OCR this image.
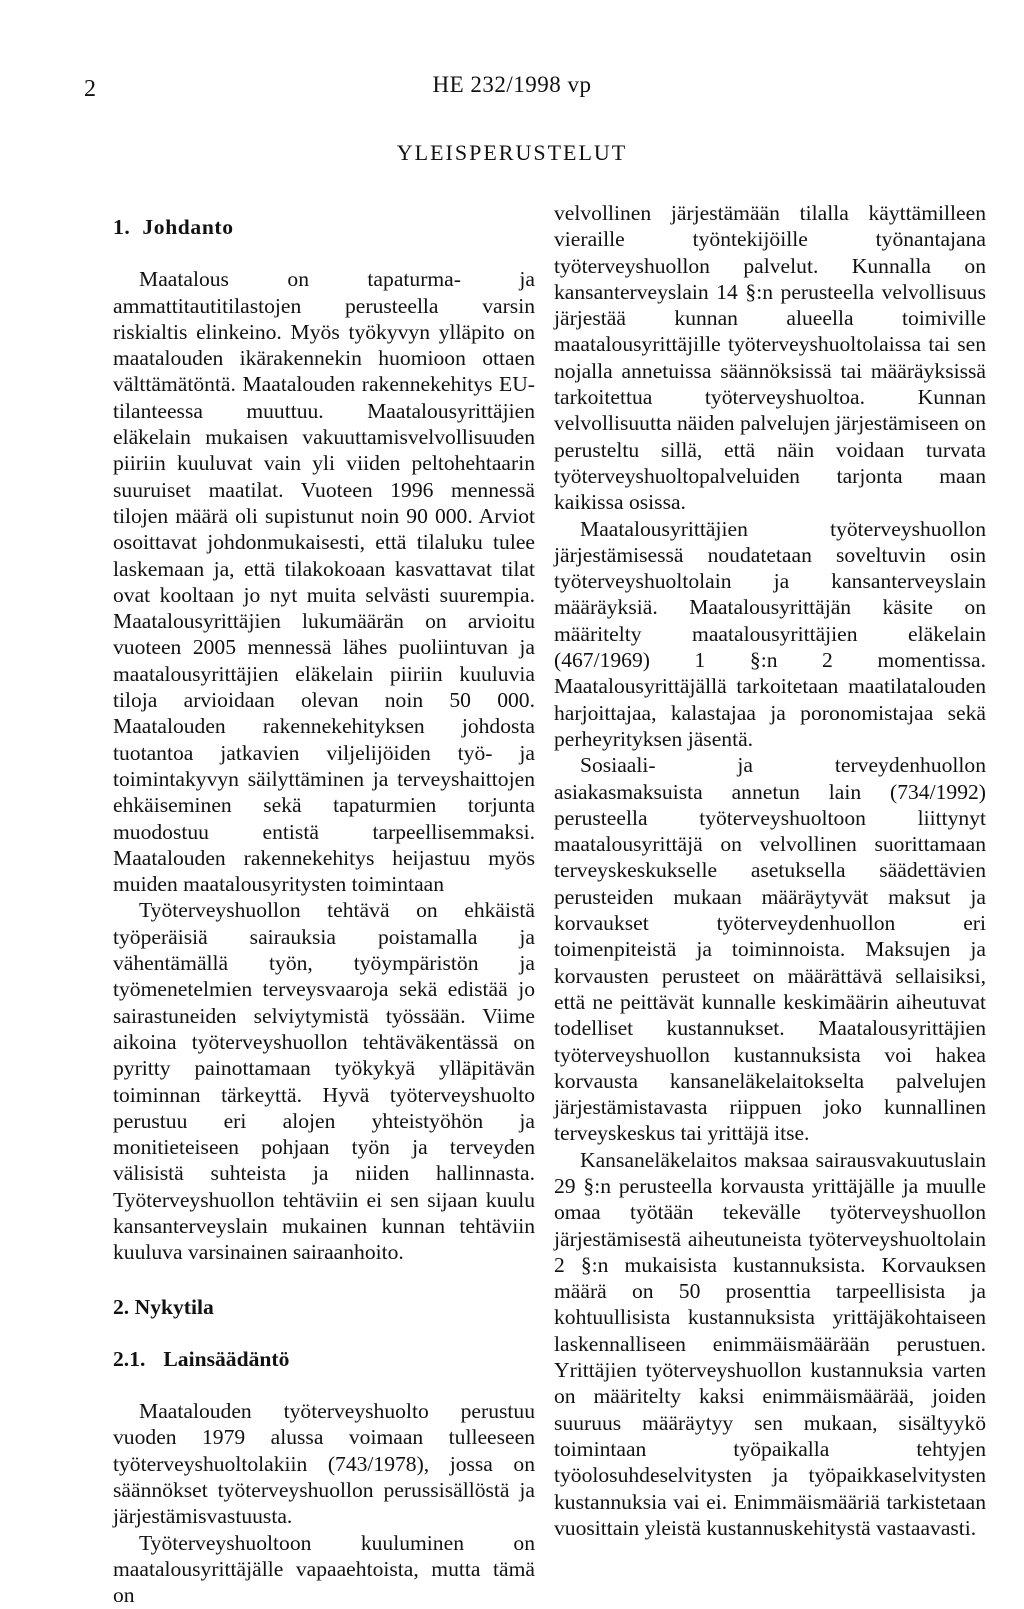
2	HE 232/1998 vp
YLEISPERUSTELUT
1. Johdanto

Maatalous on tapaturma- ja ammattitautitilastojen perusteella varsin riskialtis elinkeino. Myös työkyvyn ylläpito on maatalouden ikärakennekin huomioon ottaen välttämätöntä. Maatalouden rakennekehitys EU-tilanteessa muuttuu. Maatalousyrittäjien eläkelain mukaisen vakuuttamisvelvollisuuden piiriin kuuluvat vain yli viiden peltohehtaarin suuruiset maatilat. Vuoteen 1996 mennessä tilojen määrä oli supistunut noin 90 000. Arviot osoittavat johdonmukaisesti, että tilaluku tulee laskemaan ja, että tilakokoaan kasvattavat tilat ovat kooltaan jo nyt muita selvästi suurempia. Maatalousyrittäjien lukumäärän on arvioitu vuoteen 2005 mennessä lähes puoliintuvan ja maatalousyrittäjien eläkelain piiriin kuuluvia tiloja arvioidaan olevan noin 50 000. Maatalouden rakennekehityksen johdosta tuotantoa jatkavien viljelijöiden työ- ja toimintakyvyn säilyttäminen ja terveyshaittojen ehkäiseminen sekä tapaturmien torjunta muodostuu entistä tarpeellisemmaksi. Maatalouden rakennekehitys heijastuu myös muiden maatalousyritysten toimintaan

Työterveyshuollon tehtävä on ehkäistä työperäisiä sairauksia poistamalla ja vähentämällä työn, työympäristön ja työmenetelmien terveysvaaroja sekä edistää jo sairastuneiden selviytymistä työssään. Viime aikoina työterveyshuollon tehtäväkentässä on pyritty painottamaan työkykyä ylläpitävän toiminnan tärkeyttä. Hyvä työterveyshuolto perustuu eri alojen yhteistyöhön ja monitieteiseen pohjaan työn ja terveyden välisistä suhteista ja niiden hallinnasta. Työterveyshuollon tehtäviin ei sen sijaan kuulu kansanterveyslain mukainen kunnan tehtäviin kuuluva varsinainen sairaanhoito.

2. Nykytila
2.1. Lainsäädäntö

Maatalouden työterveyshuolto perustuu vuoden 1979 alussa voimaan tulleeseen työterveyshuoltolakiin (743/1978), jossa on säännökset työterveyshuollon perussisällöstä ja järjestämisvastuusta.

Työterveyshuoltoon kuuluminen on maatalousyrittäjälle vapaaehtoista, mutta tämä on

velvollinen järjestämään tilalla käyttämilleen vieraille työntekijöille työnantajana työterveyshuollon palvelut. Kunnalla on kansanterveyslain 14 §:n perusteella velvollisuus järjestää kunnan alueella toimiville maatalousyrittäjille työterveyshuoltolaissa tai sen nojalla annetuissa säännöksissä tai määräyksissä tarkoitettua työterveyshuoltoa. Kunnan velvollisuutta näiden palvelujen järjestämiseen on perusteltu sillä, että näin voidaan turvata työterveyshuoltopalveluiden tarjonta maan kaikissa osissa.

Maatalousyrittäjien työterveyshuollon järjestämisessä noudatetaan soveltuvin osin työterveyshuoltolain ja kansanterveyslain määräyksiä. Maatalousyrittäjän käsite on määritelty maatalousyrittäjien eläkelain (467/1969) 1 §:n 2 momentissa. Maatalousyrittäjällä tarkoitetaan maatilatalouden harjoittajaa, kalastajaa ja poronomistajaa sekä perheyrityksen jäsentä.

Sosiaali- ja terveydenhuollon asiakasmaksuista annetun lain (734/1992) perusteella työterveyshuoltoon liittynyt maatalousyrittäjä on velvollinen suorittamaan terveyskeskukselle asetuksella säädettävien perusteiden mukaan määräytyvät maksut ja korvaukset työterveydenhuollon eri toimenpiteistä ja toiminnoista. Maksujen ja korvausten perusteet on määrättävä sellaisiksi, että ne peittävät kunnalle keskimäärin aiheutuvat todelliset kustannukset. Maatalousyrittäjien työterveyshuollon kustannuksista voi hakea korvausta kansaneläkelaitokselta palvelujen järjestämistavasta riippuen joko kunnallinen terveyskeskus tai yrittäjä itse.

Kansaneläkelaitos maksaa sairausvakuutuslain 29 §:n perusteella korvausta yrittäjälle ja muulle omaa työtään tekevälle työterveyshuollon järjestämisestä aiheutuneista työterveyshuoltolain 2 §:n mukaisista kustannuksista. Korvauksen määrä on 50 prosenttia tarpeellisista ja kohtuullisista kustannuksista yrittäjäkohtaiseen laskennalliseen enimmäismäärään perustuen. Yrittäjien työterveyshuollon kustannuksia varten on määritelty kaksi enimmäismäärää, joiden suuruus määräytyy sen mukaan, sisältyykö toimintaan työpaikalla tehtyjen työolosuhdeselvitysten ja työpaikkaselvitysten kustannuksia vai ei. Enimmäismääriä tarkistetaan vuosittain yleistä kustannuskehitystä vastaavasti.
